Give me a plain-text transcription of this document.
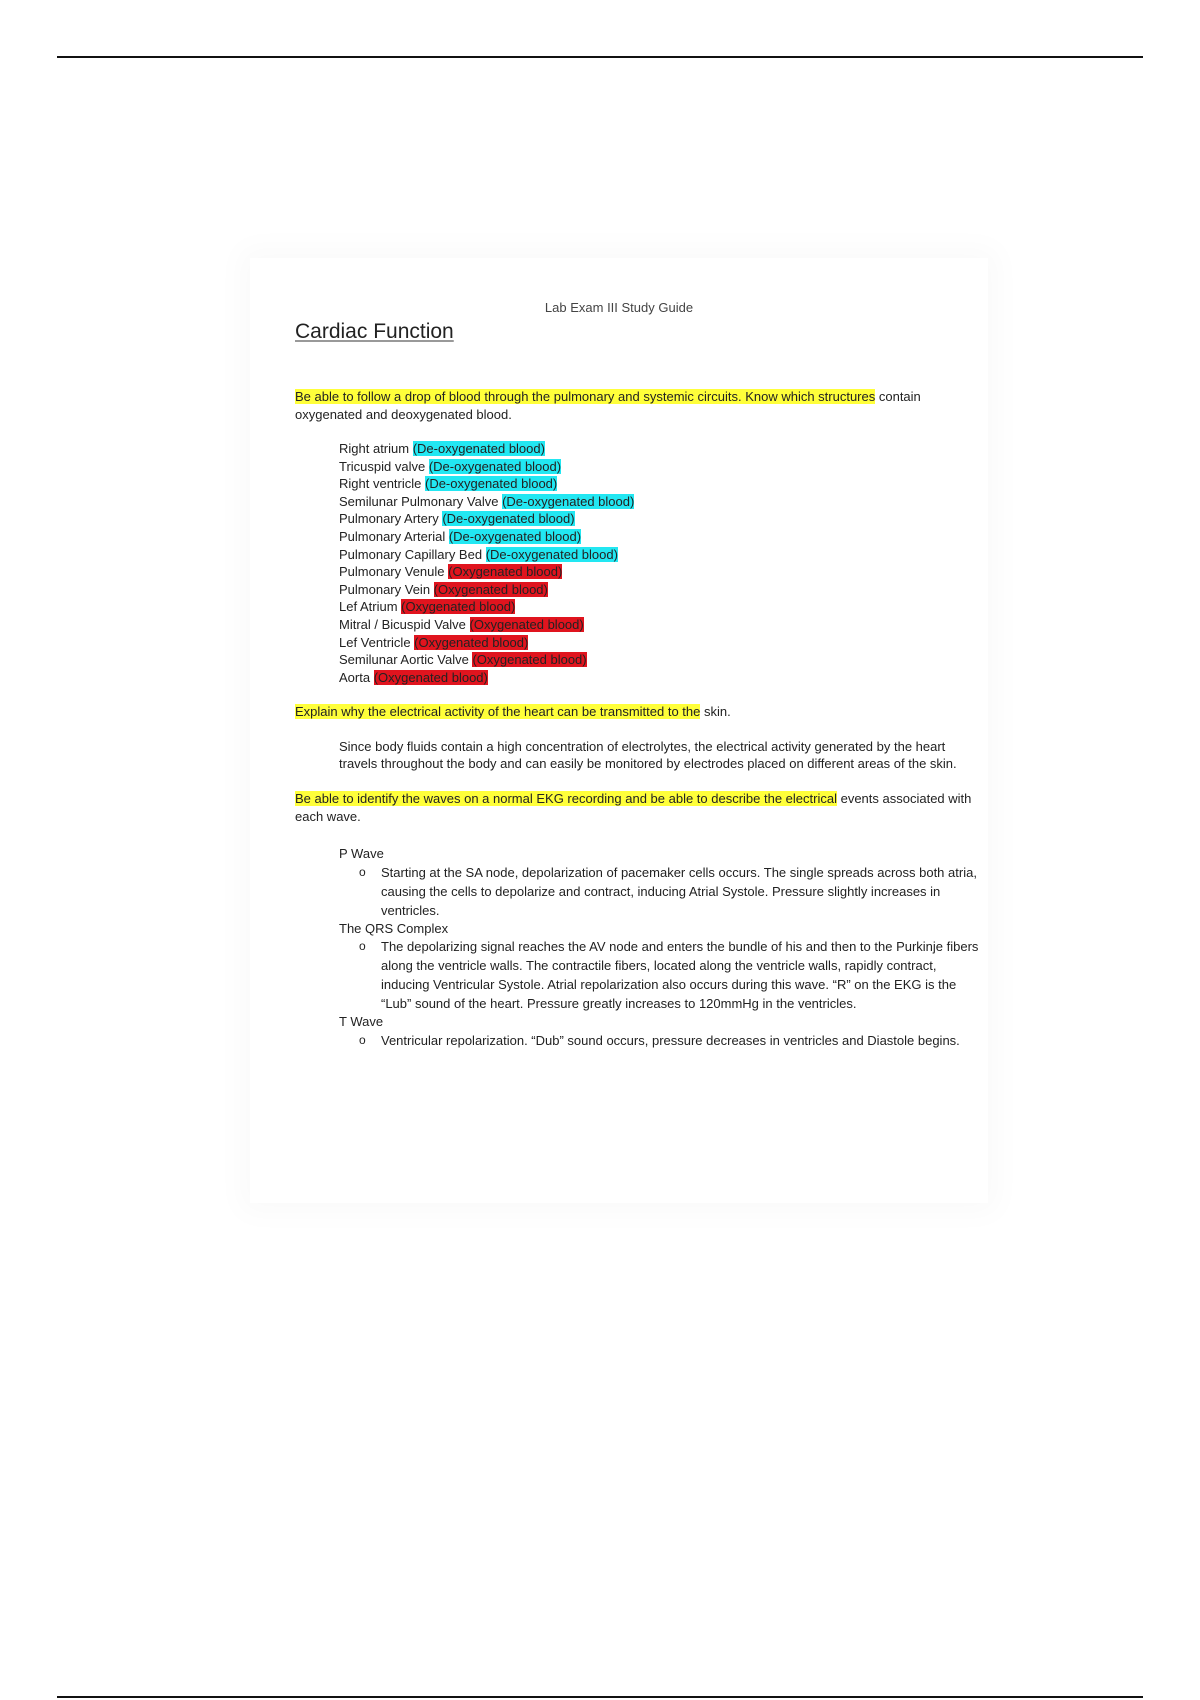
Lab Exam III Study Guide
Cardiac Function

Be able to follow a drop of blood through the pulmonary and systemic circuits. Know which structures contain oxygenated and deoxygenated blood.

Right atrium (De-oxygenated blood)
Tricuspid valve (De-oxygenated blood)
Right ventricle (De-oxygenated blood)
Semilunar Pulmonary Valve (De-oxygenated blood)
Pulmonary Artery (De-oxygenated blood)
Pulmonary Arterial (De-oxygenated blood)
Pulmonary Capillary Bed (De-oxygenated blood)
Pulmonary Venule (Oxygenated blood)
Pulmonary Vein (Oxygenated blood)
Lef Atrium (Oxygenated blood)
Mitral / Bicuspid Valve (Oxygenated blood)
Lef Ventricle (Oxygenated blood)
Semilunar Aortic Valve (Oxygenated blood)
Aorta (Oxygenated blood)

Explain why the electrical activity of the heart can be transmitted to the skin.

Since body fluids contain a high concentration of electrolytes, the electrical activity generated by the heart travels throughout the body and can easily be monitored by electrodes placed on different areas of the skin.

Be able to identify the waves on a normal EKG recording and be able to describe the electrical events associated with each wave.

P Wave
o Starting at the SA node, depolarization of pacemaker cells occurs. The single spreads across both atria, causing the cells to depolarize and contract, inducing Atrial Systole. Pressure slightly increases in ventricles.
The QRS Complex
o The depolarizing signal reaches the AV node and enters the bundle of his and then to the Purkinje fibers along the ventricle walls. The contractile fibers, located along the ventricle walls, rapidly contract, inducing Ventricular Systole. Atrial repolarization also occurs during this wave. “R” on the EKG is the “Lub” sound of the heart. Pressure greatly increases to 120mmHg in the ventricles.
T Wave
o Ventricular repolarization. “Dub” sound occurs, pressure decreases in ventricles and Diastole begins.
